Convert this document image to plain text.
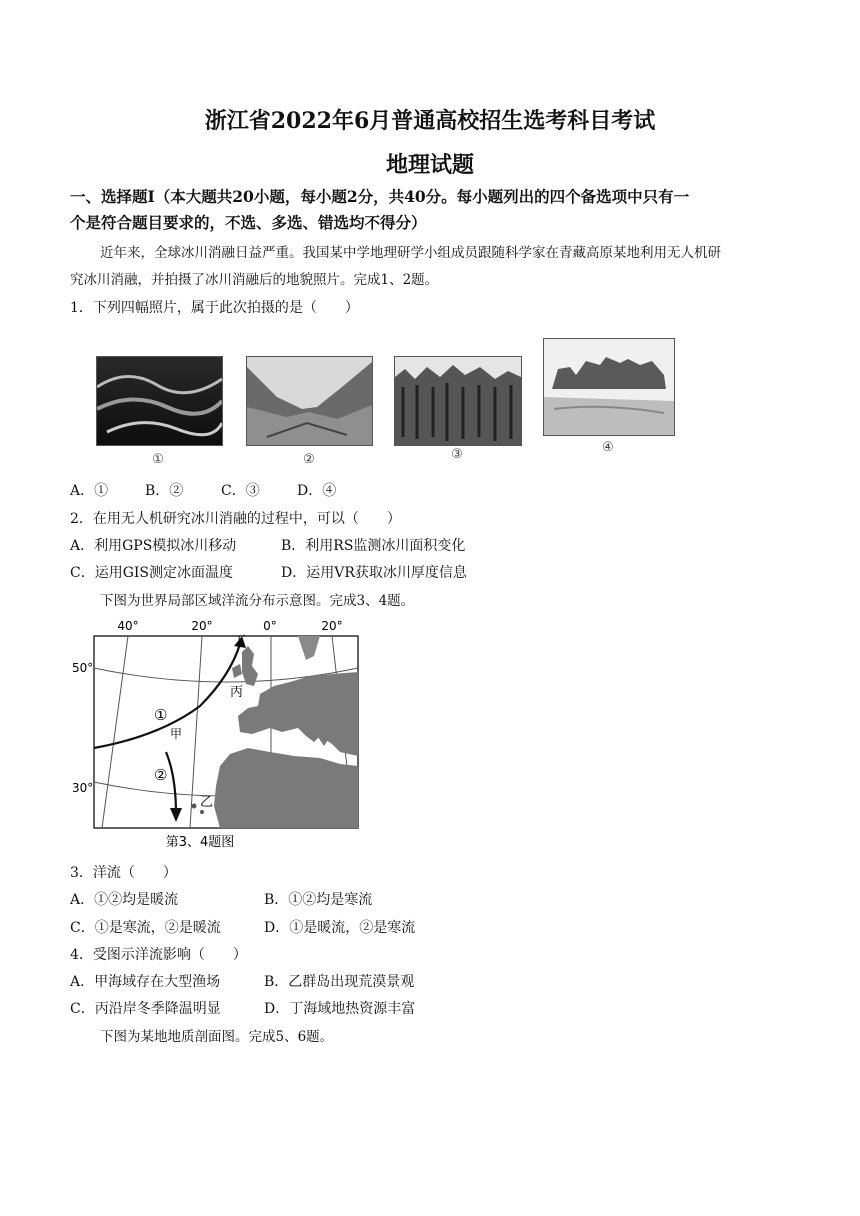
浙江省2022年6月普通高校招生选考科目考试
地理试题
一、选择题Ⅰ（本大题共20小题，每小题2分，共40分。每小题列出的四个备选项中只有一
个是符合题目要求的，不选、多选、错选均不得分）
近年来，全球冰川消融日益严重。我国某中学地理研学小组成员跟随科学家在青藏高原某地利用无人机研
究冰川消融，并拍摄了冰川消融后的地貌照片。完成1、2题。
1．下列四幅照片，属于此次拍摄的是（　　）
①	②	③	④
A．①	B．②	C．③	D．④
2．在用无人机研究冰川消融的过程中，可以（　　）
A．利用GPS模拟冰川移动	B．利用RS监测冰川面积变化
C．运用GIS测定冰面温度	D．运用VR获取冰川厚度信息
下图为世界局部区域洋流分布示意图。完成3、4题。
40°	20°	0°	20°
50°
30°
丁
丙
甲
乙
①
②
第3、4题图
3．洋流（　　）
A．①②均是暖流	B．①②均是寒流
C．①是寒流，②是暖流	D．①是暖流，②是寒流
4．受图示洋流影响（　　）
A．甲海域存在大型渔场	B．乙群岛出现荒漠景观
C．丙沿岸冬季降温明显	D．丁海域地热资源丰富
下图为某地地质剖面图。完成5、6题。
